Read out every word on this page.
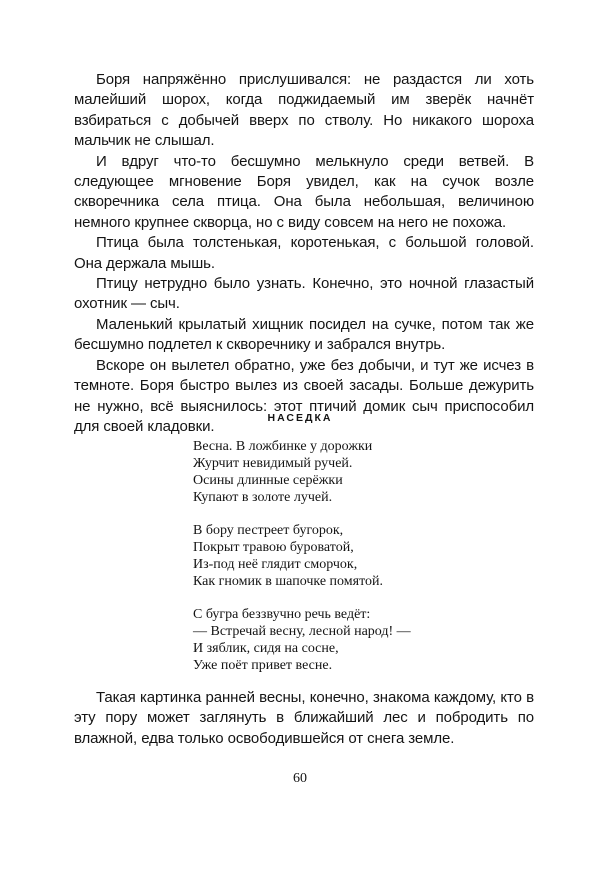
Боря напряжённо прислушивался: не раздастся ли хоть малейший шорох, когда поджидаемый им зверёк начнёт взбираться с добычей вверх по стволу. Но никакого шороха мальчик не слышал.

И вдруг что-то бесшумно мелькнуло среди ветвей. В следующее мгновение Боря увидел, как на сучок возле скворечника села птица. Она была небольшая, величиною немного крупнее скворца, но с виду совсем на него не похожа.

Птица была толстенькая, коротенькая, с большой головой. Она держала мышь.

Птицу нетрудно было узнать. Конечно, это ночной глазастый охотник — сыч.

Маленький крылатый хищник посидел на сучке, потом так же бесшумно подлетел к скворечнику и забрался внутрь.

Вскоре он вылетел обратно, уже без добычи, и тут же исчез в темноте. Боря быстро вылез из своей засады. Больше дежурить не нужно, всё выяснилось: этот птичий домик сыч приспособил для своей кладовки.	НАСЕДКА
Весна. В ложбинке у дорожки
Журчит невидимый ручей.
Осины длинные серёжки
Купают в золоте лучей.
В бору пестреет бугорок,
Покрыт травою буроватой,
Из-под неё глядит сморчок,
Как гномик в шапочке помятой.
С бугра беззвучно речь ведёт:
— Встречай весну, лесной народ! —
И зяблик, сидя на сосне,
Уже поёт привет весне.

Такая картинка ранней весны, конечно, знакома каждому, кто в эту пору может заглянуть в ближайший лес и побродить по влажной, едва только освободившейся от снега земле.

60
